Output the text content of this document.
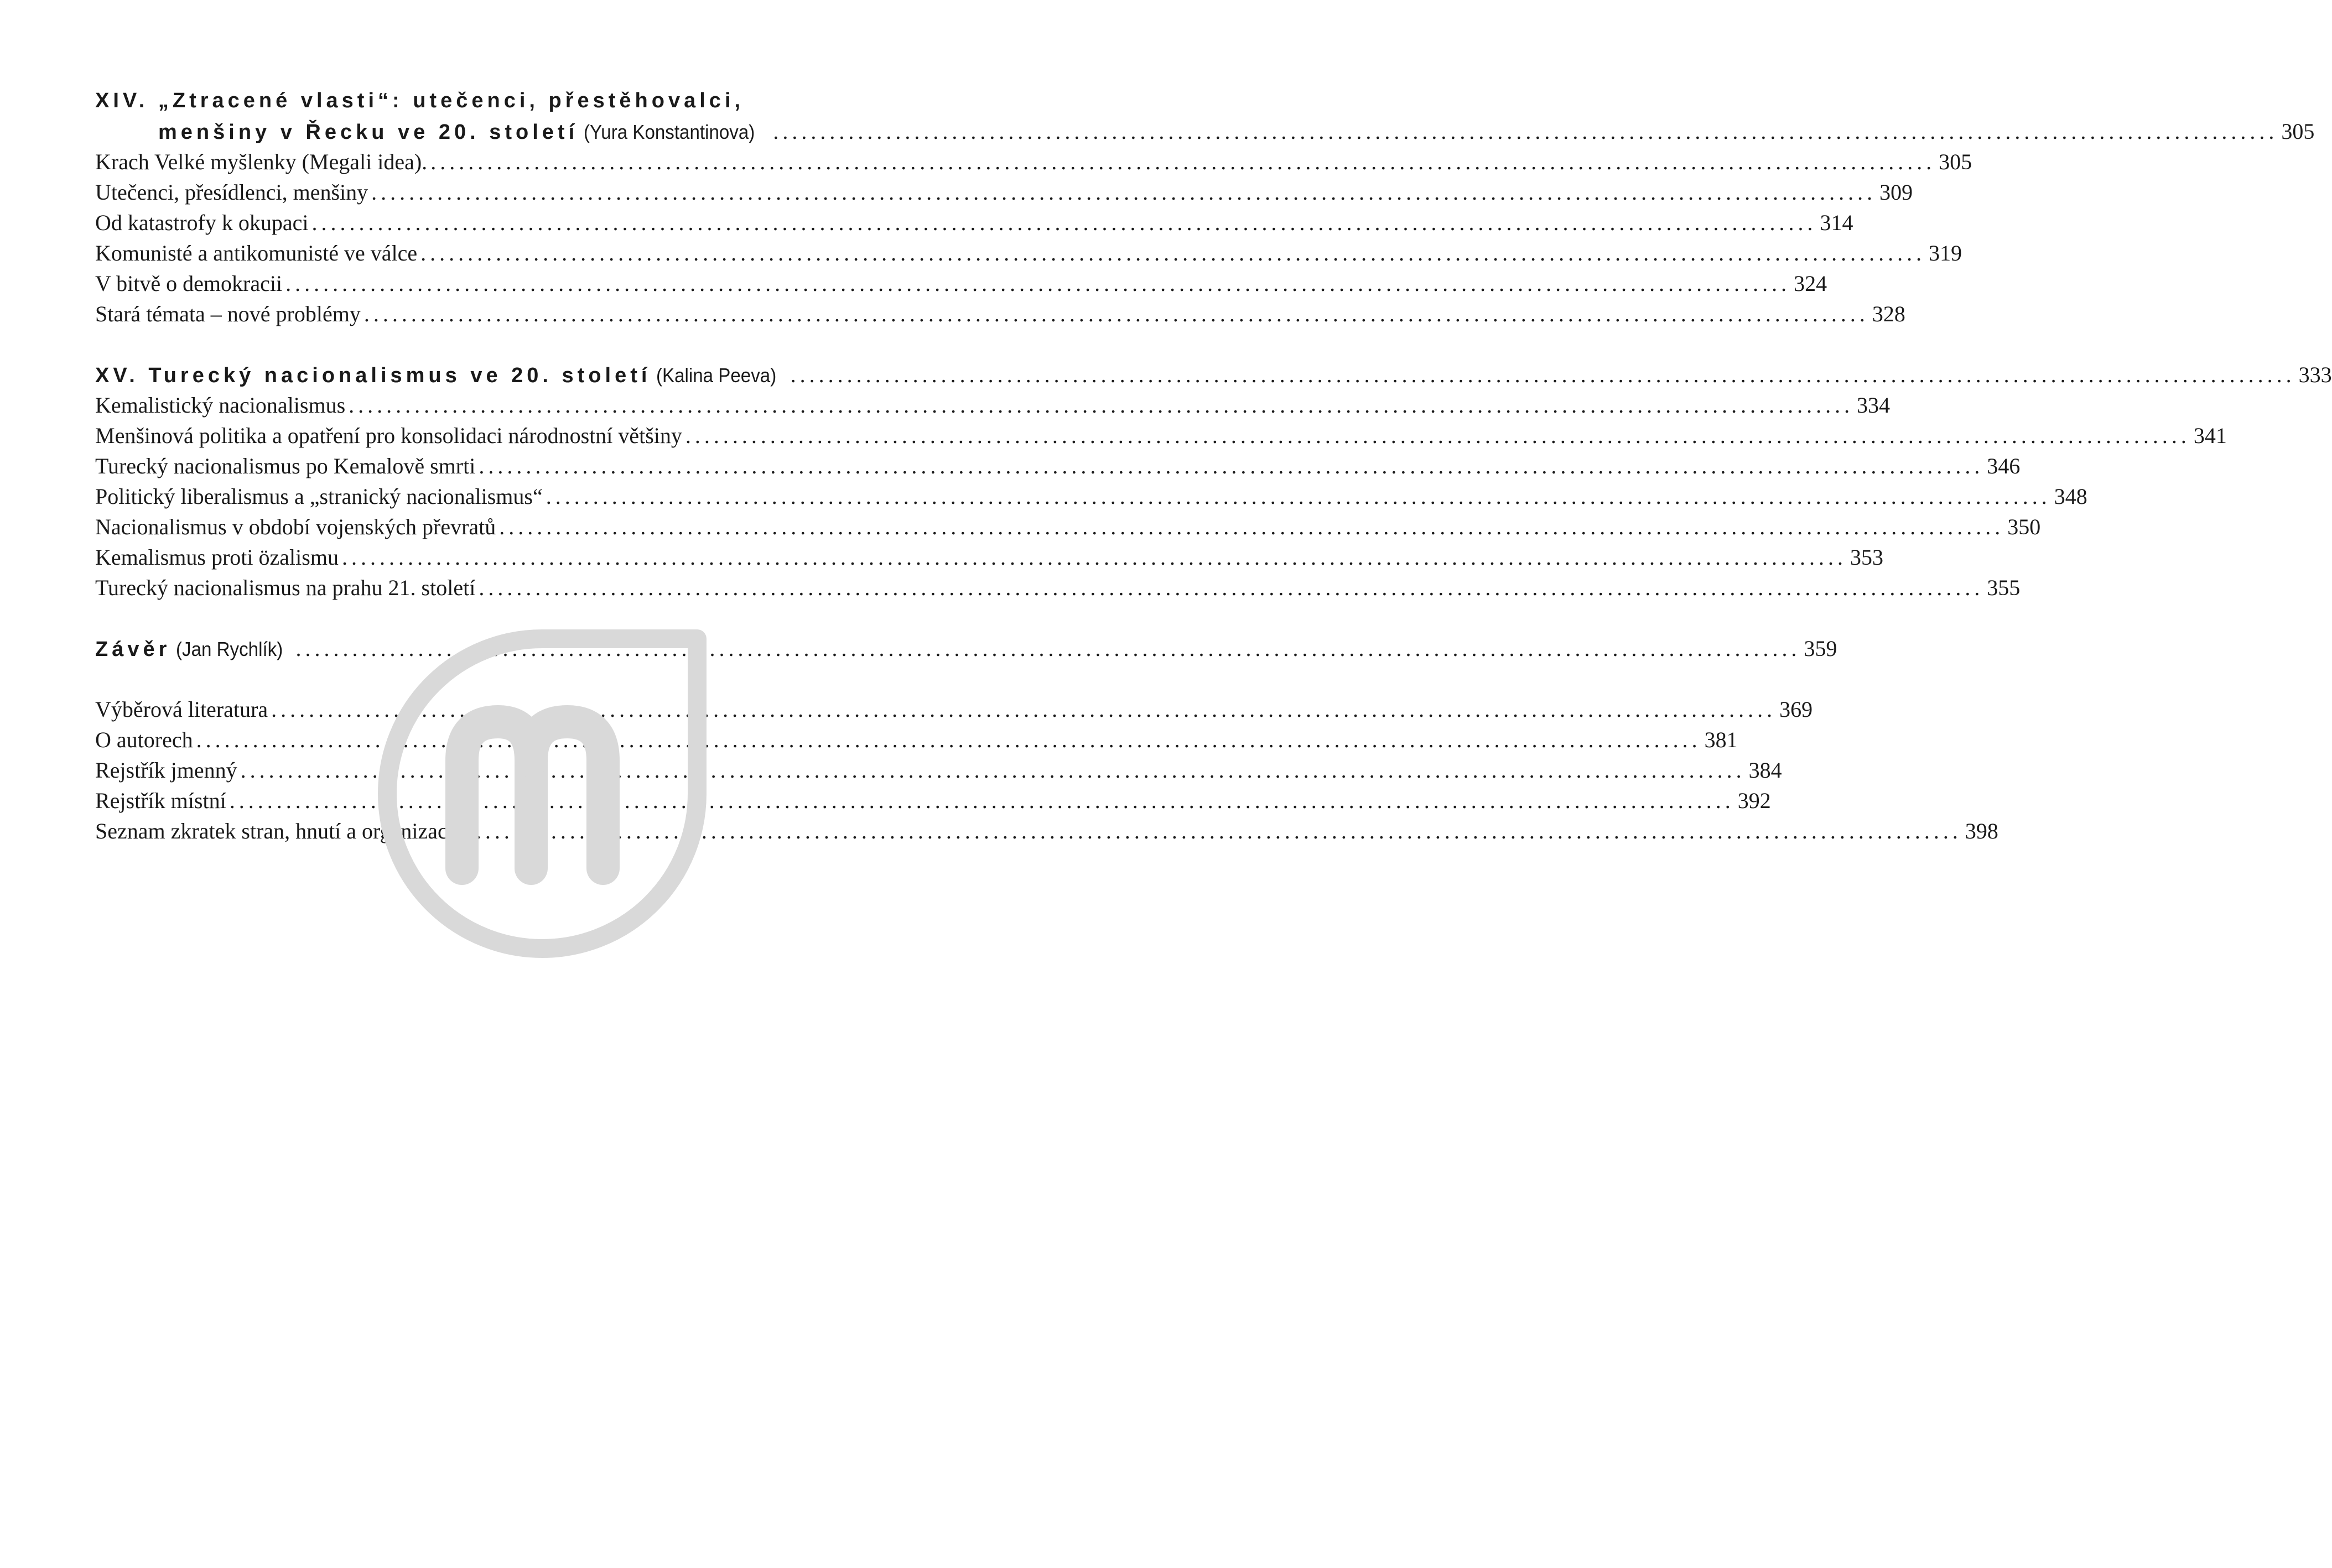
XIV. „Ztracené vlasti“: utečenci, přestěhovalci,
menšiny v Řecku ve 20. století (Yura Konstantinova) ................................................................................................................................................................ 305
Krach Velké myšlenky (Megali idea). ................................................................................................................................................................ 305
Utečenci, přesídlenci, menšiny ................................................................................................................................................................ 309
Od katastrofy k okupaci ................................................................................................................................................................ 314
Komunisté a antikomunisté ve válce ................................................................................................................................................................ 319
V bitvě o demokracii ................................................................................................................................................................ 324
Stará témata – nové problémy ................................................................................................................................................................ 328
XV. Turecký nacionalismus ve 20. století (Kalina Peeva) ................................................................................................................................................................ 333
Kemalistický nacionalismus ................................................................................................................................................................ 334
Menšinová politika a opatření pro konsolidaci národnostní většiny ................................................................................................................................................................ 341
Turecký nacionalismus po Kemalově smrti ................................................................................................................................................................ 346
Politický liberalismus a „stranický nacionalismus“ ................................................................................................................................................................ 348
Nacionalismus v období vojenských převratů ................................................................................................................................................................ 350
Kemalismus proti özalismu ................................................................................................................................................................ 353
Turecký nacionalismus na prahu 21. století ................................................................................................................................................................ 355
Závěr (Jan Rychlík) ................................................................................................................................................................ 359
Výběrová literatura ................................................................................................................................................................ 369
O autorech ................................................................................................................................................................ 381
Rejstřík jmenný ................................................................................................................................................................ 384
Rejstřík místní ................................................................................................................................................................ 392
Seznam zkratek stran, hnutí a organizací ................................................................................................................................................................ 398
